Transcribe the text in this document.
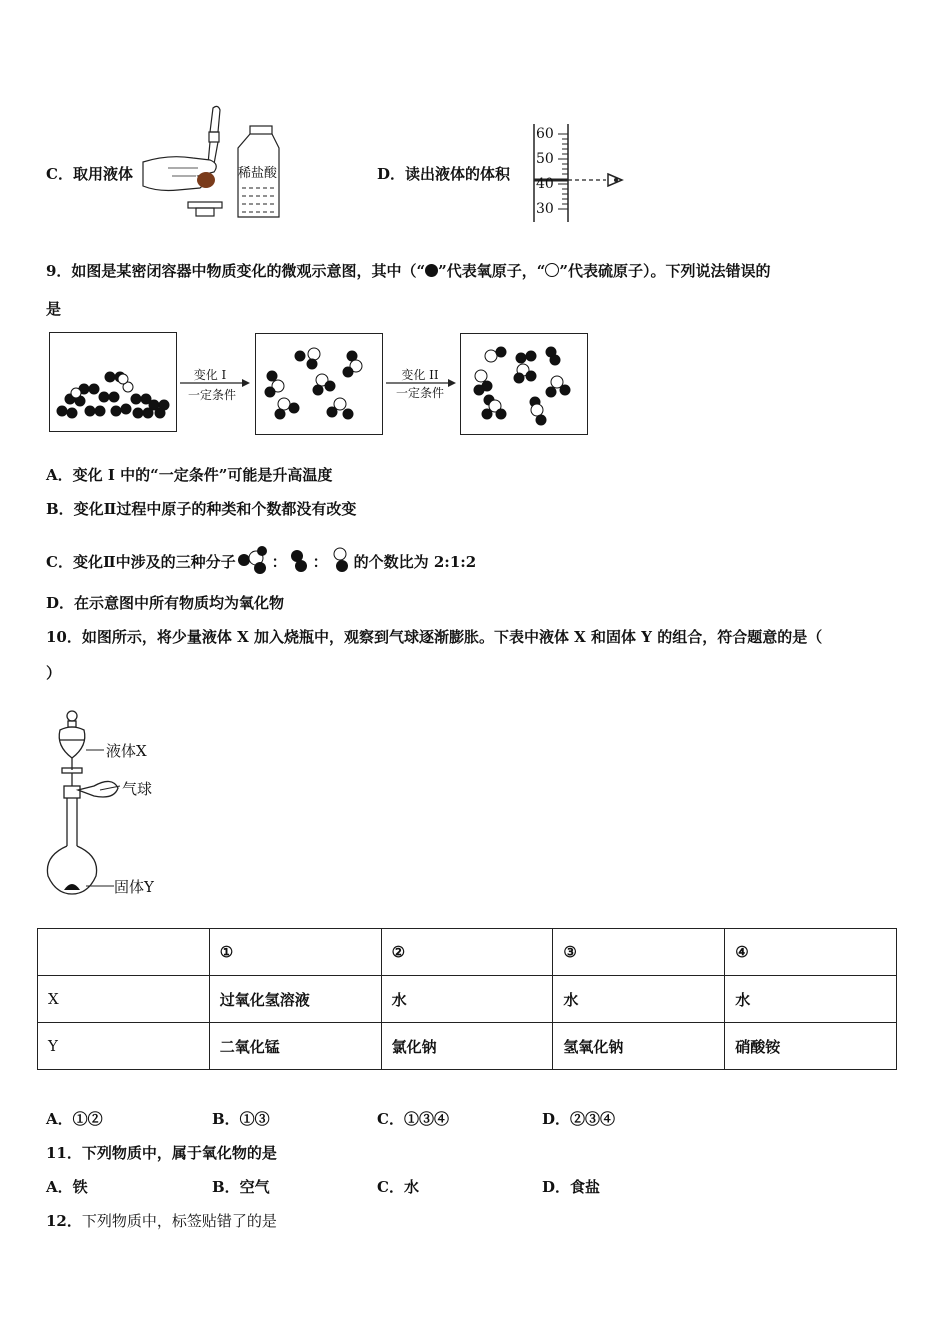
C．取用液体	稀盐酸	D．读出液体的体积
60
50
40
30
9．如图是某密闭容器中物质变化的微观示意图，其中（“ ”代表氧原子，“ ”代表硫原子）。下列说法错误的
是
变化 I
一定条件
变化 II
一定条件
A．变化 I 中的“一定条件”可能是升高温度
B．变化Ⅱ过程中原子的种类和个数都没有改变
C．变化Ⅱ中涉及的三种分子 ： ： 的个数比为 2:1:2
D．在示意图中所有物质均为氧化物
10．如图所示，将少量液体 X 加入烧瓶中，观察到气球逐渐膨胀。下表中液体 X 和固体 Y 的组合，符合题意的是（
）
液体X
气球
固体Y
	①	②	③	④
X	过氧化氢溶液	水	水	水
Y	二氧化锰	氯化钠	氢氧化钠	硝酸铵
A．①②	B．①③	C．①③④	D．②③④
11．下列物质中，属于氧化物的是
A．铁	B．空气	C．水	D．食盐
12．下列物质中，标签贴错了的是
